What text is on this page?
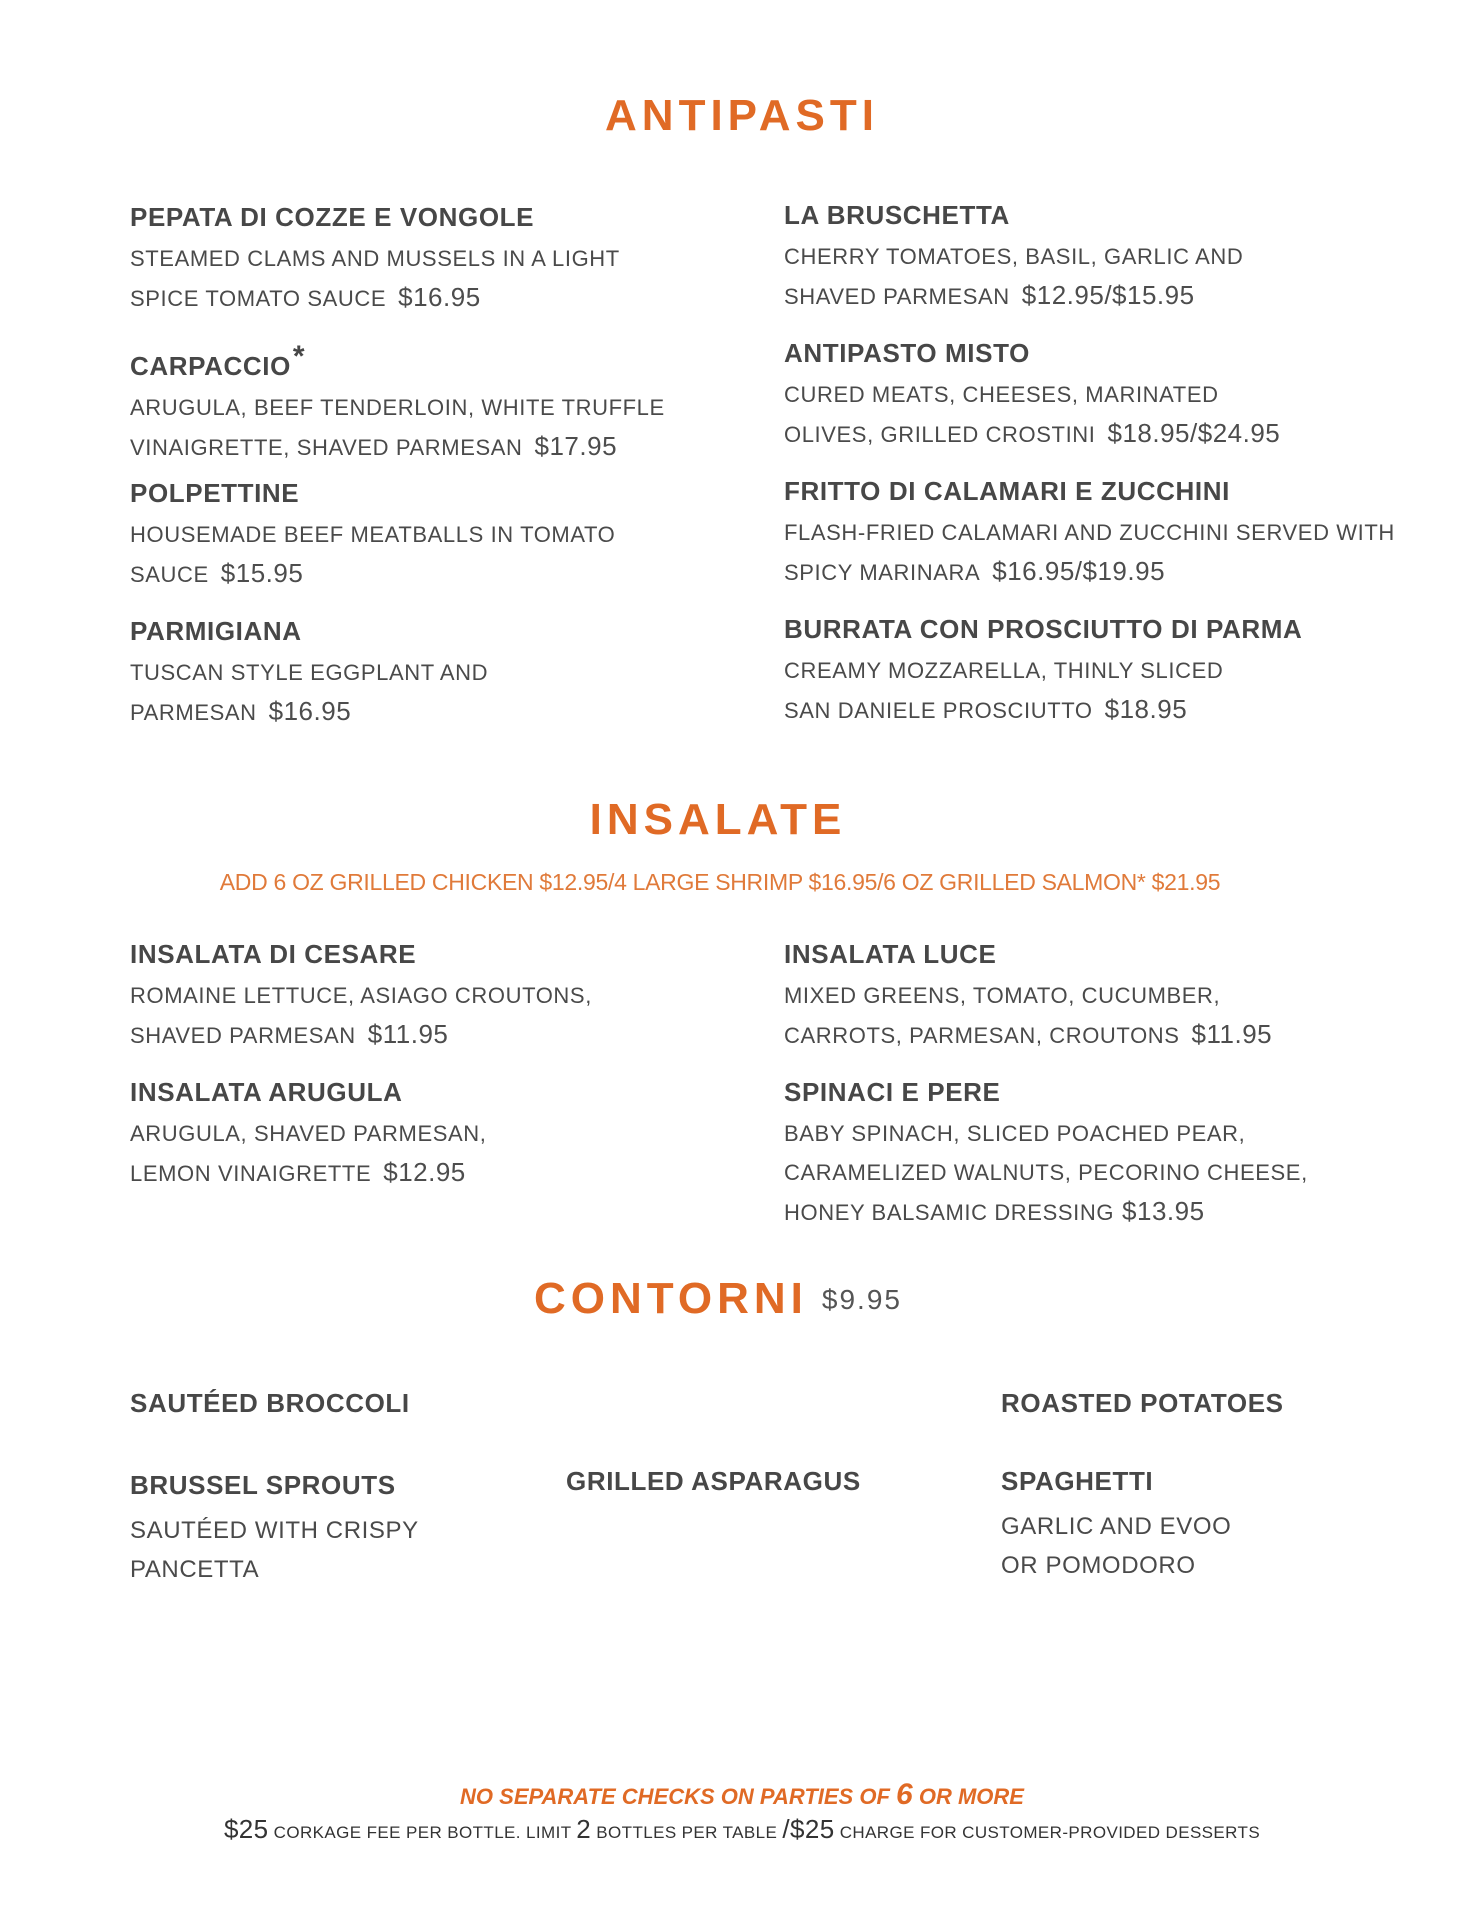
ANTIPASTI

PEPATA DI COZZE E VONGOLE

STEAMED CLAMS AND MUSSELS IN A LIGHT
SPICE TOMATO SAUCE $16.95

CARPACCIO*

ARUGULA, BEEF TENDERLOIN, WHITE TRUFFLE
VINAIGRETTE, SHAVED PARMESAN $17.95

POLPETTINE

HOUSEMADE BEEF MEATBALLS IN TOMATO
SAUCE $15.95

PARMIGIANA

TUSCAN STYLE EGGPLANT AND
PARMESAN $16.95

LA BRUSCHETTA

CHERRY TOMATOES, BASIL, GARLIC AND
SHAVED PARMESAN $12.95/$15.95

ANTIPASTO MISTO

CURED MEATS, CHEESES, MARINATED
OLIVES, GRILLED CROSTINI $18.95/$24.95

FRITTO DI CALAMARI E ZUCCHINI

FLASH-FRIED CALAMARI AND ZUCCHINI SERVED WITH
SPICY MARINARA $16.95/$19.95

BURRATA CON PROSCIUTTO DI PARMA

CREAMY MOZZARELLA, THINLY SLICED
SAN DANIELE PROSCIUTTO $18.95

INSALATE

ADD 6 OZ GRILLED CHICKEN $12.95/4 LARGE SHRIMP $16.95/6 OZ GRILLED SALMON* $21.95

INSALATA DI CESARE

ROMAINE LETTUCE, ASIAGO CROUTONS,
SHAVED PARMESAN $11.95

INSALATA ARUGULA

ARUGULA, SHAVED PARMESAN,
LEMON VINAIGRETTE $12.95

INSALATA LUCE

MIXED GREENS, TOMATO, CUCUMBER,
CARROTS, PARMESAN, CROUTONS $11.95

SPINACI E PERE

BABY SPINACH, SLICED POACHED PEAR,
CARAMELIZED WALNUTS, PECORINO CHEESE,
HONEY BALSAMIC DRESSING $13.95

CONTORNI $9.95

SAUTÉED BROCCOLI	ROASTED POTATOES

BRUSSEL SPROUTS

SAUTÉED WITH CRISPY
PANCETTA

GRILLED ASPARAGUS	SPAGHETTI

GARLIC AND EVOO
OR POMODORO

NO SEPARATE CHECKS ON PARTIES OF 6 OR MORE

$25 CORKAGE FEE PER BOTTLE. LIMIT 2 BOTTLES PER TABLE /$25 CHARGE FOR CUSTOMER-PROVIDED DESSERTS
